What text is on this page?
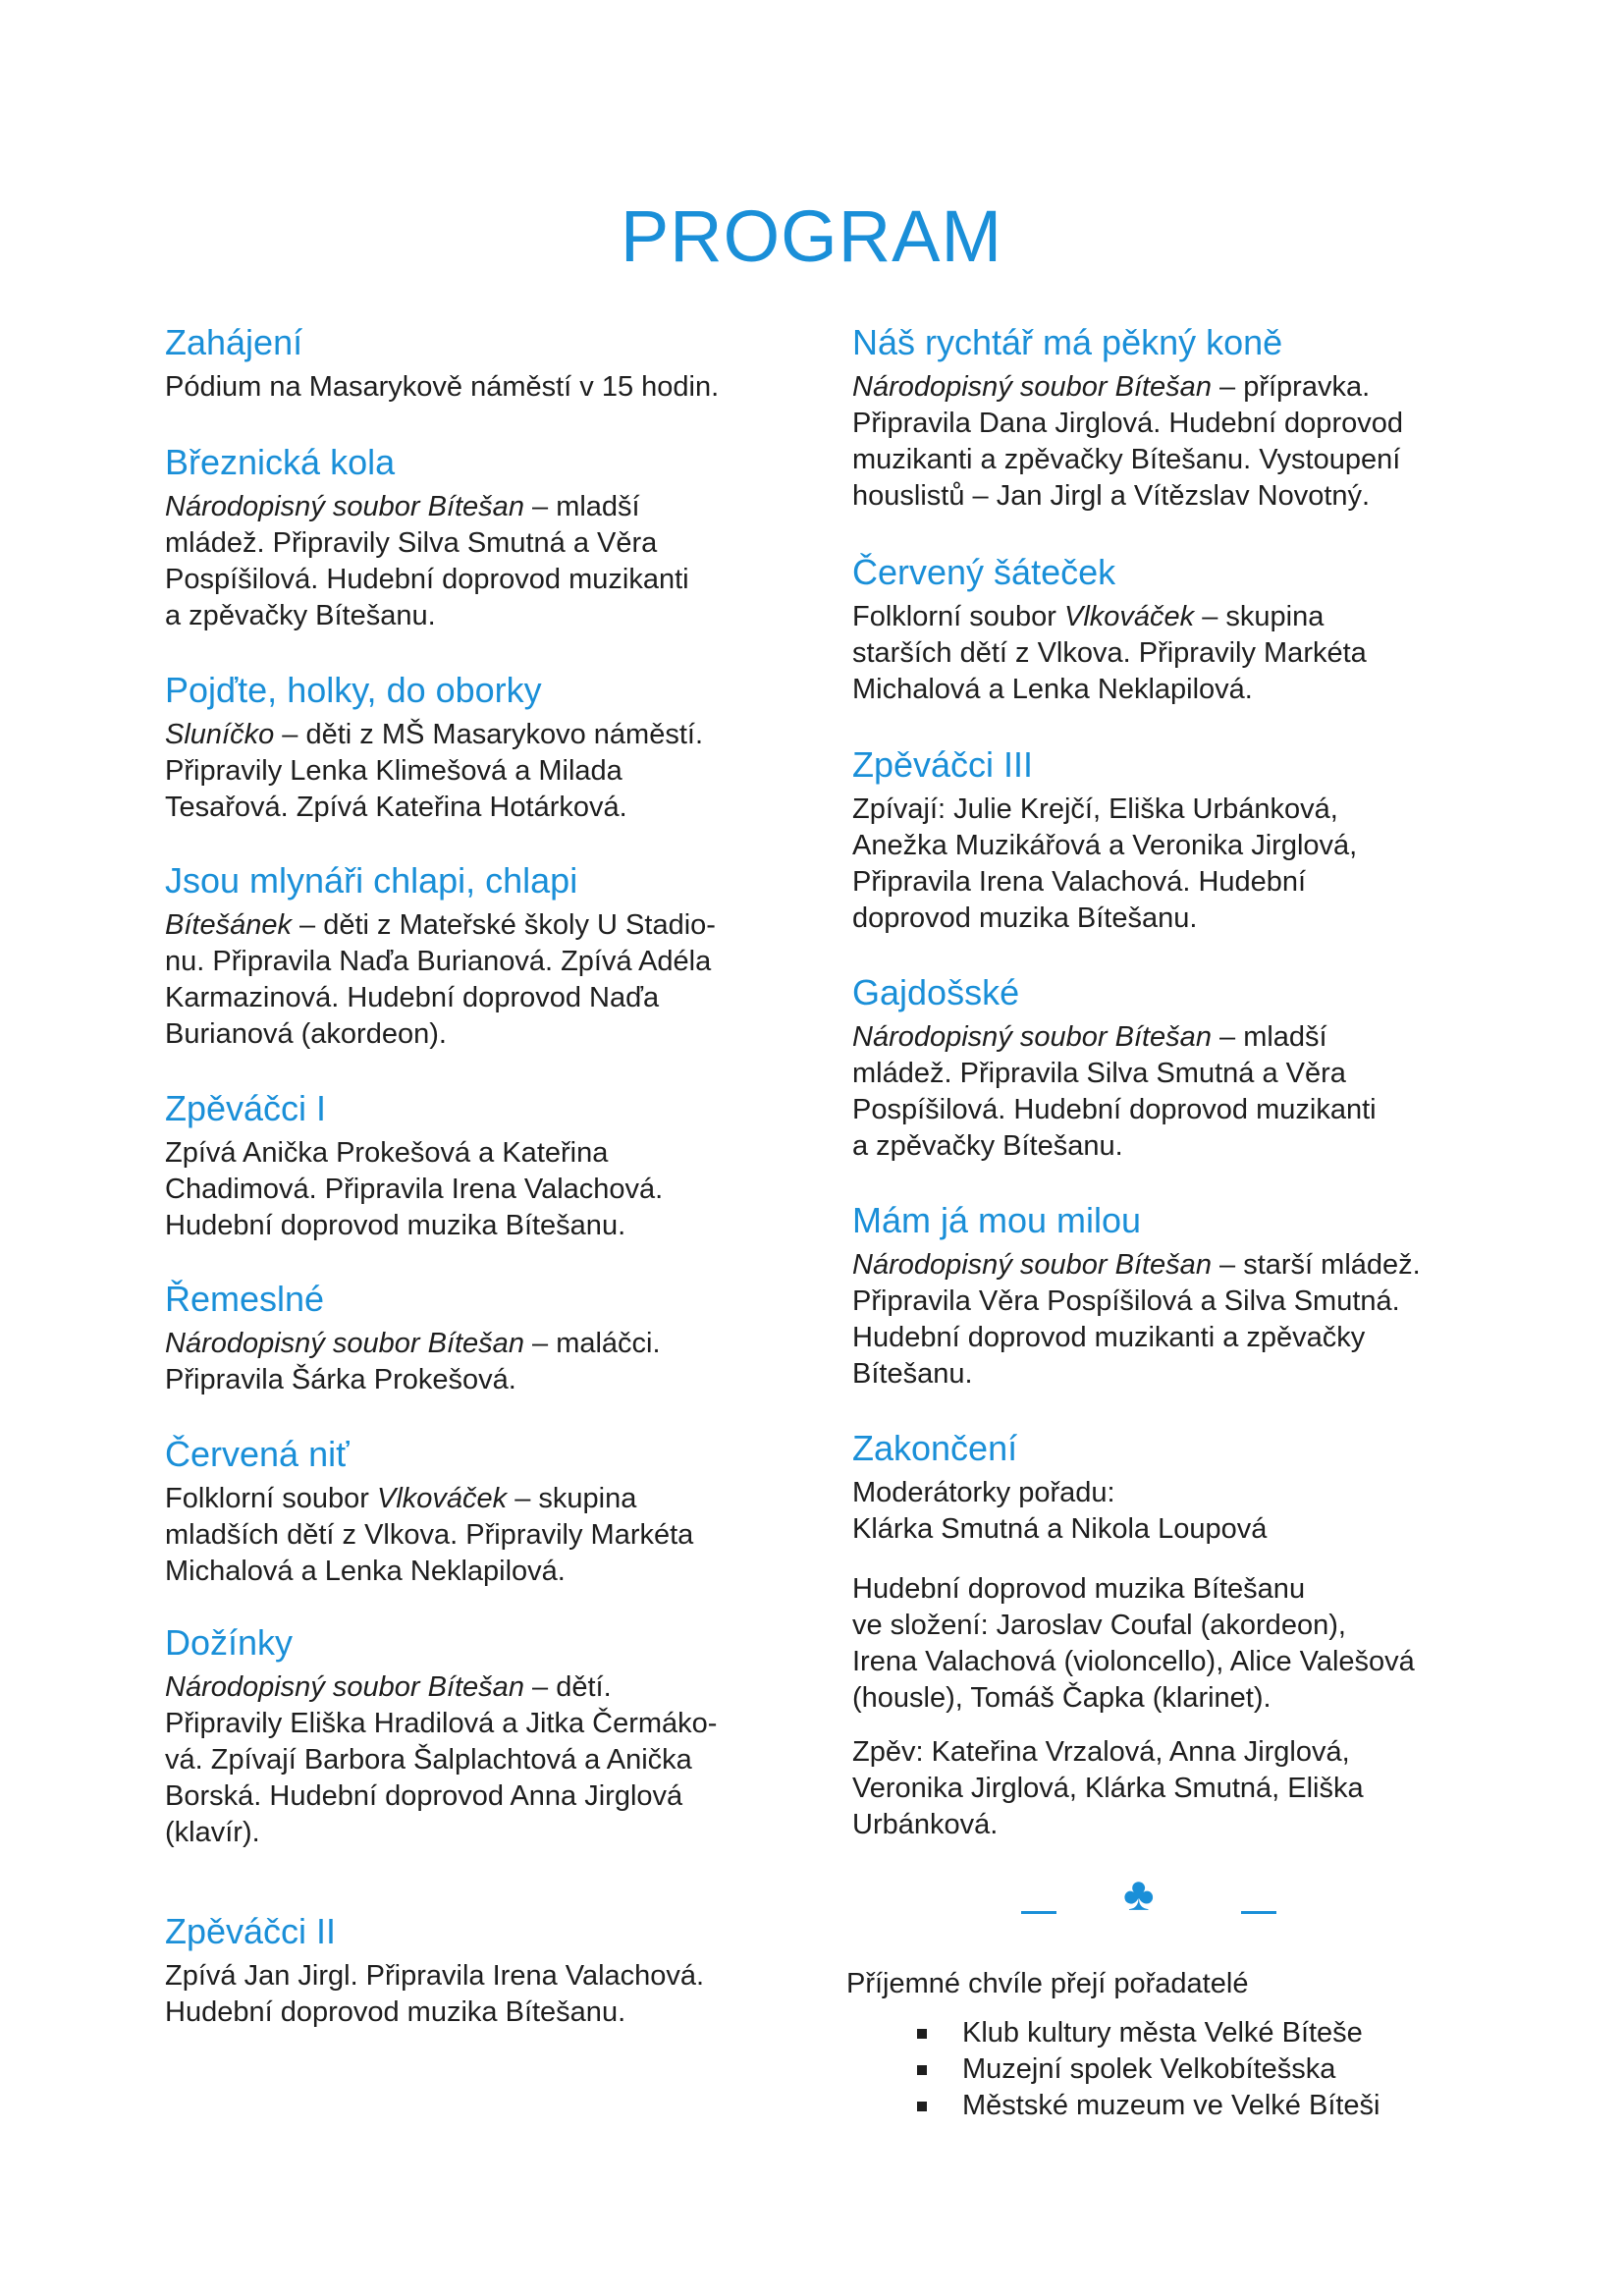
PROGRAM
Zahájení

Pódium na Masarykově náměstí v 15 hodin.

Březnická kola

Národopisný soubor Bítešan – mladší
mládež. Připravily Silva Smutná a Věra
Pospíšilová. Hudební doprovod muzikanti
a zpěvačky Bítešanu.

Pojďte, holky, do oborky

Sluníčko – děti z MŠ Masarykovo náměstí.
Připravily Lenka Klimešová a Milada
Tesařová. Zpívá Kateřina Hotárková.

Jsou mlynáři chlapi, chlapi

Bítešánek – děti z Mateřské školy U Stadio-
nu. Připravila Naďa Burianová. Zpívá Adéla
Karmazinová. Hudební doprovod Naďa
Burianová (akordeon).

Zpěváčci I

Zpívá Anička Prokešová a Kateřina
Chadimová. Připravila Irena Valachová.
Hudební doprovod muzika Bítešanu.

Řemeslné

Národopisný soubor Bítešan – maláčci.
Připravila Šárka Prokešová.

Červená niť

Folklorní soubor Vlkováček – skupina
mladších dětí z Vlkova. Připravily Markéta
Michalová a Lenka Neklapilová.

Dožínky

Národopisný soubor Bítešan – dětí.
Připravily Eliška Hradilová a Jitka Čermáko-
vá. Zpívají Barbora Šalplachtová a Anička
Borská. Hudební doprovod Anna Jirglová
(klavír).

Zpěváčci II

Zpívá Jan Jirgl. Připravila Irena Valachová.
Hudební doprovod muzika Bítešanu.

Náš rychtář má pěkný koně

Národopisný soubor Bítešan – přípravka.
Připravila Dana Jirglová. Hudební doprovod
muzikanti a zpěvačky Bítešanu. Vystoupení
houslistů – Jan Jirgl a Vítězslav Novotný.

Červený šáteček

Folklorní soubor Vlkováček – skupina
starších dětí z Vlkova. Připravily Markéta
Michalová a Lenka Neklapilová.

Zpěváčci III

Zpívají: Julie Krejčí, Eliška Urbánková,
Anežka Muzikářová a Veronika Jirglová,
Připravila Irena Valachová. Hudební
doprovod muzika Bítešanu.

Gajdošské

Národopisný soubor Bítešan – mladší
mládež. Připravila Silva Smutná a Věra
Pospíšilová. Hudební doprovod muzikanti
a zpěvačky Bítešanu.

Mám já mou milou

Národopisný soubor Bítešan – starší mládež.
Připravila Věra Pospíšilová a Silva Smutná.
Hudební doprovod muzikanti a zpěvačky
Bítešanu.

Zakončení

Moderátorky pořadu:
Klárka Smutná a Nikola Loupová

Hudební doprovod muzika Bítešanu
ve složení: Jaroslav Coufal (akordeon),
Irena Valachová (violoncello), Alice Valešová
(housle), Tomáš Čapka (klarinet).

Zpěv: Kateřina Vrzalová, Anna Jirglová,
Veronika Jirglová, Klárka Smutná, Eliška
Urbánková.

♣
Příjemné chvíle přejí pořadatelé
Klub kultury města Velké Bíteše
Muzejní spolek Velkobítešska
Městské muzeum ve Velké Bíteši
